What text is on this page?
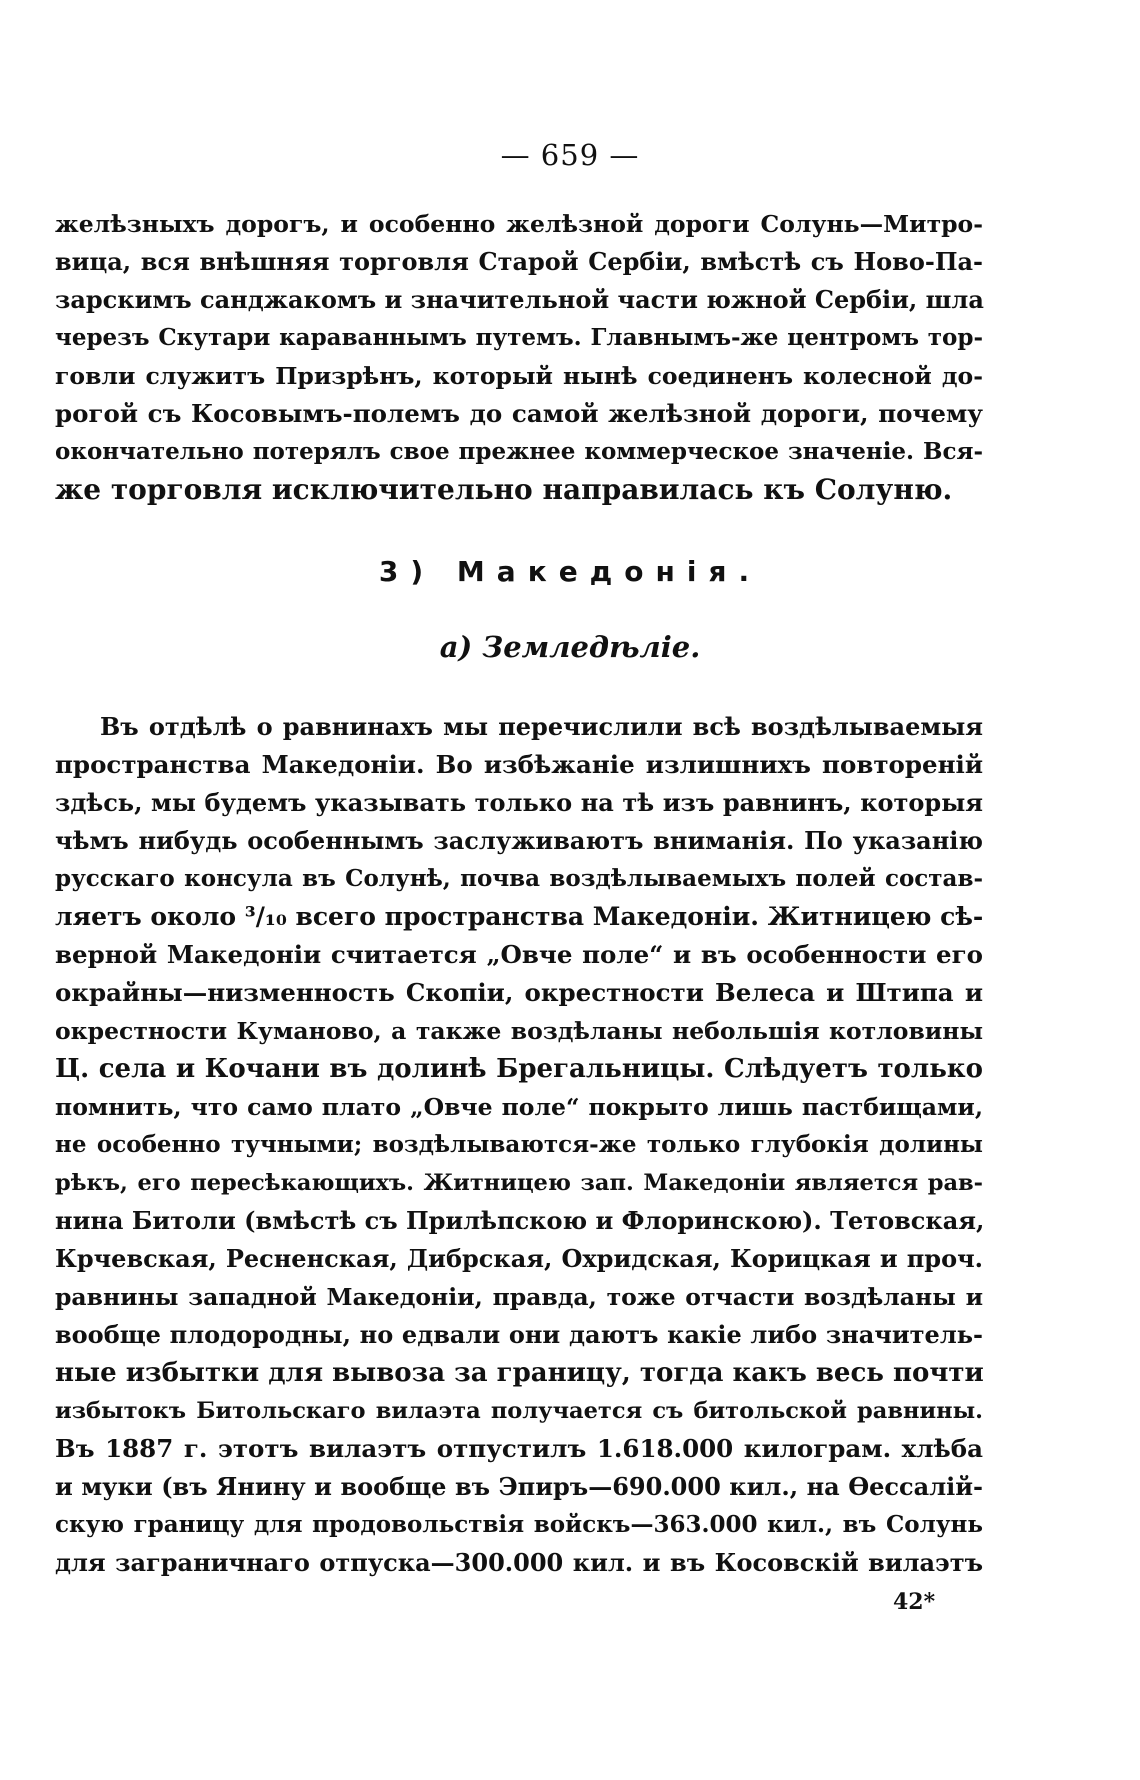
— 659 —
желѣзныхъ дорогъ, и особенно желѣзной дороги Солунь—Митро-
вица, вся внѣшняя торговля Старой Сербіи, вмѣстѣ съ Ново-Па-
зарскимъ санджакомъ и значительной части южной Сербіи, шла
черезъ Скутари караваннымъ путемъ. Главнымъ-же центромъ тор-
говли служитъ Призрѣнъ, который нынѣ соединенъ колесной до-
рогой съ Косовымъ-полемъ до самой желѣзной дороги, почему
окончательно потерялъ свое прежнее коммерческое значеніе. Вся-
же торговля исключительно направилась къ Солуню.
3) Македонія.
а) Земледѣліе.
Въ отдѣлѣ о равнинахъ мы перечислили всѣ воздѣлываемыя
пространства Македоніи. Во избѣжаніе излишнихъ повтореній
здѣсь, мы будемъ указывать только на тѣ изъ равнинъ, которыя
чѣмъ нибудь особеннымъ заслуживаютъ вниманія. По указанію
русскаго консула въ Солунѣ, почва воздѣлываемыхъ полей состав-
ляетъ около ³/₁₀ всего пространства Македоніи. Житницею сѣ-
верной Македоніи считается „Овче поле“ и въ особенности его
окрайны—низменность Скопіи, окрестности Велеса и Штипа и
окрестности Куманово, а также воздѣланы небольшія котловины
Ц. села и Кочани въ долинѣ Брегальницы. Слѣдуетъ только
помнить, что само плато „Овче поле“ покрыто лишь пастбищами,
не особенно тучными; воздѣлываются-же только глубокія долины
рѣкъ, его пересѣкающихъ. Житницею зап. Македоніи является рав-
нина Битоли (вмѣстѣ съ Прилѣпскою и Флоринскою). Тетовская,
Крчевская, Ресненская, Дибрская, Охридская, Корицкая и проч.
равнины западной Македоніи, правда, тоже отчасти воздѣланы и
вообще плодородны, но едвали они даютъ какіе либо значитель-
ные избытки для вывоза за границу, тогда какъ весь почти
избытокъ Битольскаго вилаэта получается съ битольской равнины.
Въ 1887 г. этотъ вилаэтъ отпустилъ 1.618.000 килограм. хлѣба
и муки (въ Янину и вообще въ Эпиръ—690.000 кил., на Ѳессалій-
скую границу для продовольствія войскъ—363.000 кил., въ Солунь
для заграничнаго отпуска—300.000 кил. и въ Косовскій вилаэтъ
42*
